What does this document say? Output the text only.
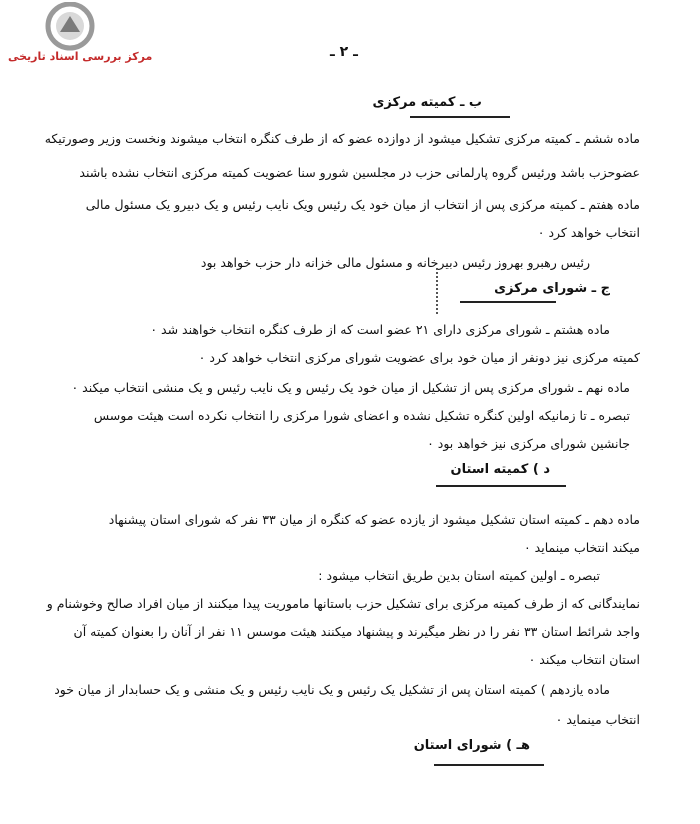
مرکز بررسی اسناد تاریخی	ـ ۲ ـ
ب ـ کمیته مرکزی
ماده ششم ـ کمیته مرکزی تشکیل میشود از دوازده عضو که از طرف کنگره انتخاب میشوند ونخست وزیر وصورتیکه
عضوحزب باشد ورئیس گروه پارلمانی حزب در مجلسین شورو سنا عضویت کمیته مرکزی انتخاب نشده باشند
ماده هفتم ـ کمیته مرکزی پس از انتخاب از میان خود یک رئیس ویک نایب رئیس و یک دبیرو یک مسئول مالی
انتخاب خواهد کرد ۰
رئیس رهبرو بهروز رئیس دبیرخانه و مسئول مالی خزانه دار حزب خواهد بود
ج ـ شورای مرکزی
ماده هشتم ـ شورای مرکزی دارای ۲۱ عضو است که از طرف کنگره انتخاب خواهند شد ۰
کمیته مرکزی نیز دونفر از میان خود برای عضویت شورای مرکزی انتخاب خواهد کرد ۰
ماده نهم ـ شورای مرکزی پس از تشکیل از میان خود یک رئیس و یک نایب رئیس و یک منشی انتخاب میکند ۰
تبصره ـ تا زمانیکه اولین کنگره تشکیل نشده و اعضای شورا مرکزی را انتخاب نکرده است هیئت موسس
جانشین شورای مرکزی نیز خواهد بود ۰
د ) کمیته استان
ماده دهم ـ کمیته استان تشکیل میشود از یازده عضو که کنگره از میان ۳۳ نفر که شورای استان پیشنهاد
میکند انتخاب مینماید ۰
تبصره ـ اولین کمیته استان بدین طریق انتخاب میشود :
نمایندگانی که از طرف کمیته مرکزی برای تشکیل حزب باستانها ماموریت پیدا میکنند از میان افراد صالح وخوشنام و
واجد شرائط استان ۳۳ نفر را در نظر میگیرند و پیشنهاد میکنند هیئت موسس ۱۱ نفر از آنان را بعنوان کمیته آن
استان انتخاب میکند ۰
ماده یازدهم ) کمیته استان پس از تشکیل یک رئیس و یک نایب رئیس و یک منشی و یک حسابدار از میان خود
انتخاب مینماید ۰
هـ ) شورای استان
